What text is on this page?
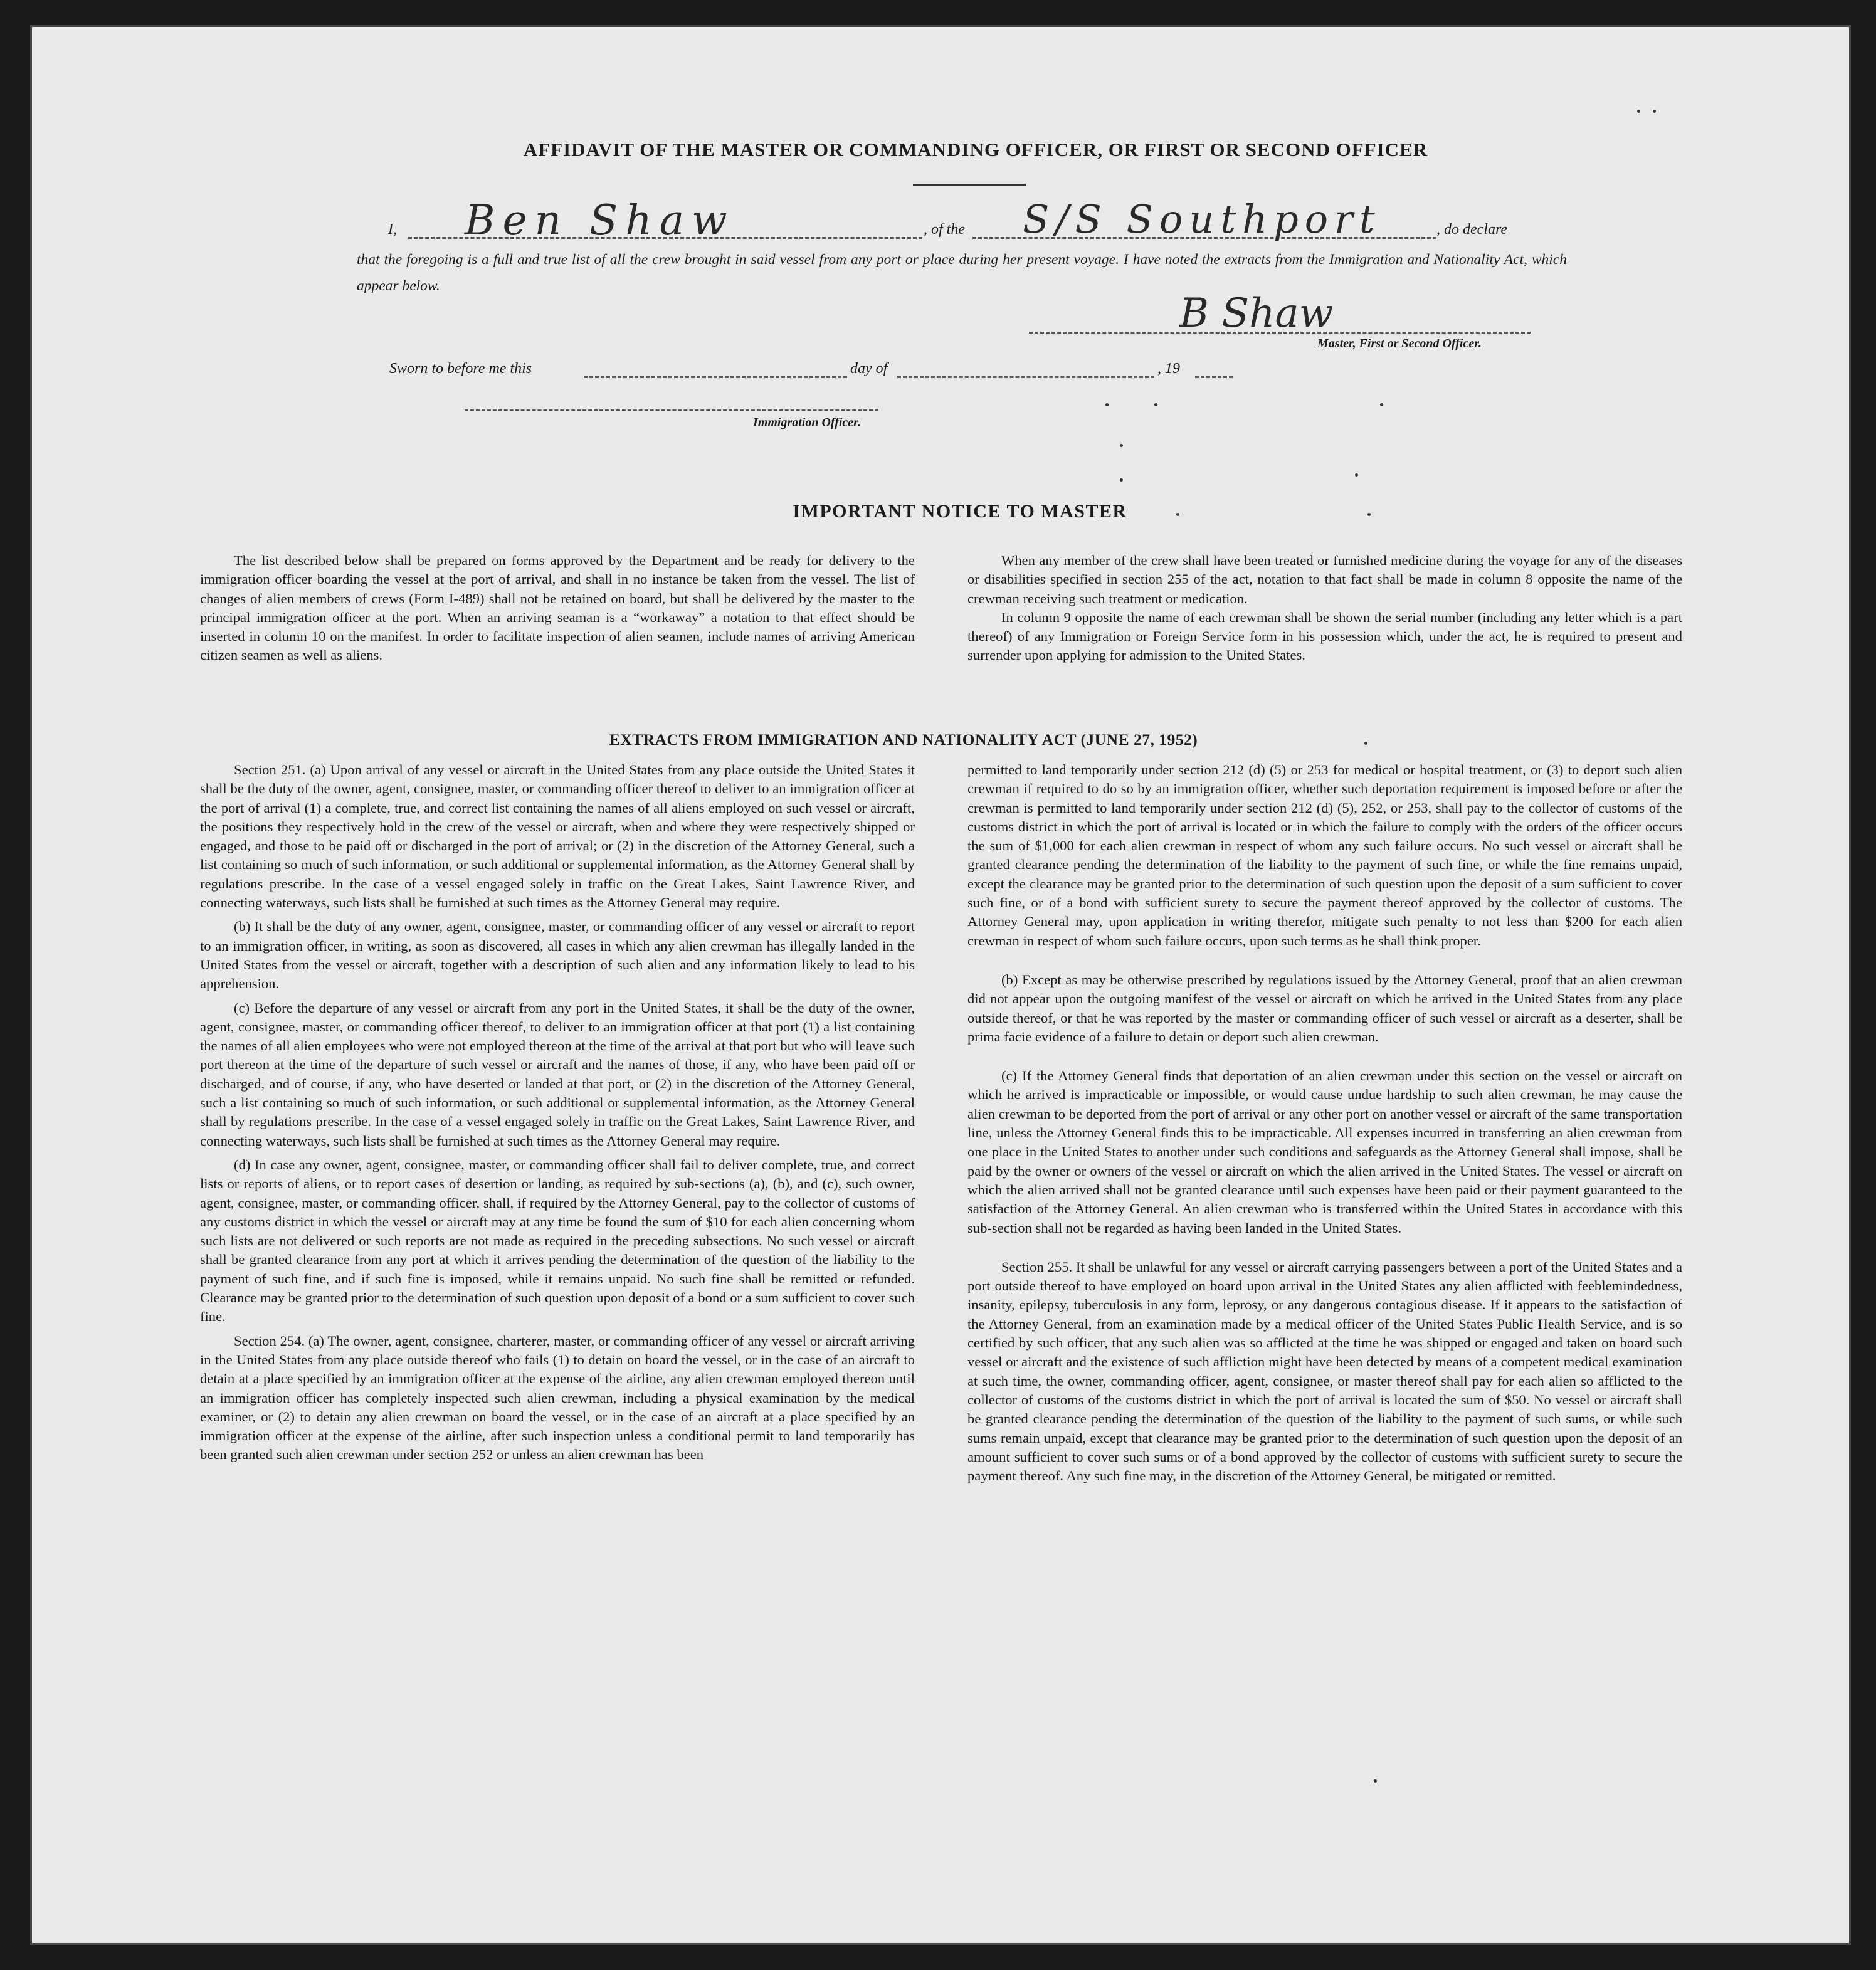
AFFIDAVIT OF THE MASTER OR COMMANDING OFFICER, OR FIRST OR SECOND OFFICER
I, Ben Shaw	, of the S/S Southport	, do declare
that the foregoing is a full and true list of all the crew brought in said vessel from any port or place during her present voyage. I have noted the extracts from the Immigration and Nationality Act, which appear below.
B Shaw
Master, First or Second Officer.
Sworn to before me this	day of	, 19
Immigration Officer.
IMPORTANT NOTICE TO MASTER

The list described below shall be prepared on forms approved by the Department and be ready for delivery to the immigration officer boarding the vessel at the port of arrival, and shall in no instance be taken from the vessel. The list of changes of alien members of crews (Form I-489) shall not be retained on board, but shall be delivered by the master to the principal immigration officer at the port. When an arriving seaman is a “workaway” a notation to that effect should be inserted in column 10 on the manifest. In order to facilitate inspection of alien seamen, include names of arriving American citizen seamen as well as aliens.

When any member of the crew shall have been treated or furnished medicine during the voyage for any of the diseases or disabilities specified in section 255 of the act, notation to that fact shall be made in column 8 opposite the name of the crewman receiving such treatment or medication.

In column 9 opposite the name of each crewman shall be shown the serial number (including any letter which is a part thereof) of any Immigration or Foreign Service form in his possession which, under the act, he is required to present and surrender upon applying for admission to the United States.

EXTRACTS FROM IMMIGRATION AND NATIONALITY ACT (JUNE 27, 1952)

Section 251. (a) Upon arrival of any vessel or aircraft in the United States from any place outside the United States it shall be the duty of the owner, agent, consignee, master, or commanding officer thereof to deliver to an immigration officer at the port of arrival (1) a complete, true, and correct list containing the names of all aliens employed on such vessel or aircraft, the positions they respectively hold in the crew of the vessel or aircraft, when and where they were respectively shipped or engaged, and those to be paid off or discharged in the port of arrival; or (2) in the discretion of the Attorney General, such a list containing so much of such information, or such additional or supplemental information, as the Attorney General shall by regulations prescribe. In the case of a vessel engaged solely in traffic on the Great Lakes, Saint Lawrence River, and connecting waterways, such lists shall be furnished at such times as the Attorney General may require.

(b) It shall be the duty of any owner, agent, consignee, master, or commanding officer of any vessel or aircraft to report to an immigration officer, in writing, as soon as discovered, all cases in which any alien crewman has illegally landed in the United States from the vessel or aircraft, together with a description of such alien and any information likely to lead to his apprehension.

(c) Before the departure of any vessel or aircraft from any port in the United States, it shall be the duty of the owner, agent, consignee, master, or commanding officer thereof, to deliver to an immigration officer at that port (1) a list containing the names of all alien employees who were not employed thereon at the time of the arrival at that port but who will leave such port thereon at the time of the departure of such vessel or aircraft and the names of those, if any, who have been paid off or discharged, and of course, if any, who have deserted or landed at that port, or (2) in the discretion of the Attorney General, such a list containing so much of such information, or such additional or supplemental information, as the Attorney General shall by regulations prescribe. In the case of a vessel engaged solely in traffic on the Great Lakes, Saint Lawrence River, and connecting waterways, such lists shall be furnished at such times as the Attorney General may require.

(d) In case any owner, agent, consignee, master, or commanding officer shall fail to deliver complete, true, and correct lists or reports of aliens, or to report cases of desertion or landing, as required by sub-sections (a), (b), and (c), such owner, agent, consignee, master, or commanding officer, shall, if required by the Attorney General, pay to the collector of customs of any customs district in which the vessel or aircraft may at any time be found the sum of $10 for each alien concerning whom such lists are not delivered or such reports are not made as required in the preceding subsections. No such vessel or aircraft shall be granted clearance from any port at which it arrives pending the determination of the question of the liability to the payment of such fine, and if such fine is imposed, while it remains unpaid. No such fine shall be remitted or refunded. Clearance may be granted prior to the determination of such question upon deposit of a bond or a sum sufficient to cover such fine.

Section 254. (a) The owner, agent, consignee, charterer, master, or commanding officer of any vessel or aircraft arriving in the United States from any place outside thereof who fails (1) to detain on board the vessel, or in the case of an aircraft to detain at a place specified by an immigration officer at the expense of the airline, any alien crewman employed thereon until an immigration officer has completely inspected such alien crewman, including a physical examination by the medical examiner, or (2) to detain any alien crewman on board the vessel, or in the case of an aircraft at a place specified by an immigration officer at the expense of the airline, after such inspection unless a conditional permit to land temporarily has been granted such alien crewman under section 252 or unless an alien crewman has been

permitted to land temporarily under section 212 (d) (5) or 253 for medical or hospital treatment, or (3) to deport such alien crewman if required to do so by an immigration officer, whether such deportation requirement is imposed before or after the crewman is permitted to land temporarily under section 212 (d) (5), 252, or 253, shall pay to the collector of customs of the customs district in which the port of arrival is located or in which the failure to comply with the orders of the officer occurs the sum of $1,000 for each alien crewman in respect of whom any such failure occurs. No such vessel or aircraft shall be granted clearance pending the determination of the liability to the payment of such fine, or while the fine remains unpaid, except the clearance may be granted prior to the determination of such question upon the deposit of a sum sufficient to cover such fine, or of a bond with sufficient surety to secure the payment thereof approved by the collector of customs. The Attorney General may, upon application in writing therefor, mitigate such penalty to not less than $200 for each alien crewman in respect of whom such failure occurs, upon such terms as he shall think proper.

(b) Except as may be otherwise prescribed by regulations issued by the Attorney General, proof that an alien crewman did not appear upon the outgoing manifest of the vessel or aircraft on which he arrived in the United States from any place outside thereof, or that he was reported by the master or commanding officer of such vessel or aircraft as a deserter, shall be prima facie evidence of a failure to detain or deport such alien crewman.

(c) If the Attorney General finds that deportation of an alien crewman under this section on the vessel or aircraft on which he arrived is impracticable or impossible, or would cause undue hardship to such alien crewman, he may cause the alien crewman to be deported from the port of arrival or any other port on another vessel or aircraft of the same transportation line, unless the Attorney General finds this to be impracticable. All expenses incurred in transferring an alien crewman from one place in the United States to another under such conditions and safeguards as the Attorney General shall impose, shall be paid by the owner or owners of the vessel or aircraft on which the alien arrived in the United States. The vessel or aircraft on which the alien arrived shall not be granted clearance until such expenses have been paid or their payment guaranteed to the satisfaction of the Attorney General. An alien crewman who is transferred within the United States in accordance with this sub-section shall not be regarded as having been landed in the United States.

Section 255. It shall be unlawful for any vessel or aircraft carrying passengers between a port of the United States and a port outside thereof to have employed on board upon arrival in the United States any alien afflicted with feeblemindedness, insanity, epilepsy, tuberculosis in any form, leprosy, or any dangerous contagious disease. If it appears to the satisfaction of the Attorney General, from an examination made by a medical officer of the United States Public Health Service, and is so certified by such officer, that any such alien was so afflicted at the time he was shipped or engaged and taken on board such vessel or aircraft and the existence of such affliction might have been detected by means of a competent medical examination at such time, the owner, commanding officer, agent, consignee, or master thereof shall pay for each alien so afflicted to the collector of customs of the customs district in which the port of arrival is located the sum of $50. No vessel or aircraft shall be granted clearance pending the determination of the question of the liability to the payment of such sums, or while such sums remain unpaid, except that clearance may be granted prior to the determination of such question upon the deposit of an amount sufficient to cover such sums or of a bond approved by the collector of customs with sufficient surety to secure the payment thereof. Any such fine may, in the discretion of the Attorney General, be mitigated or remitted.
